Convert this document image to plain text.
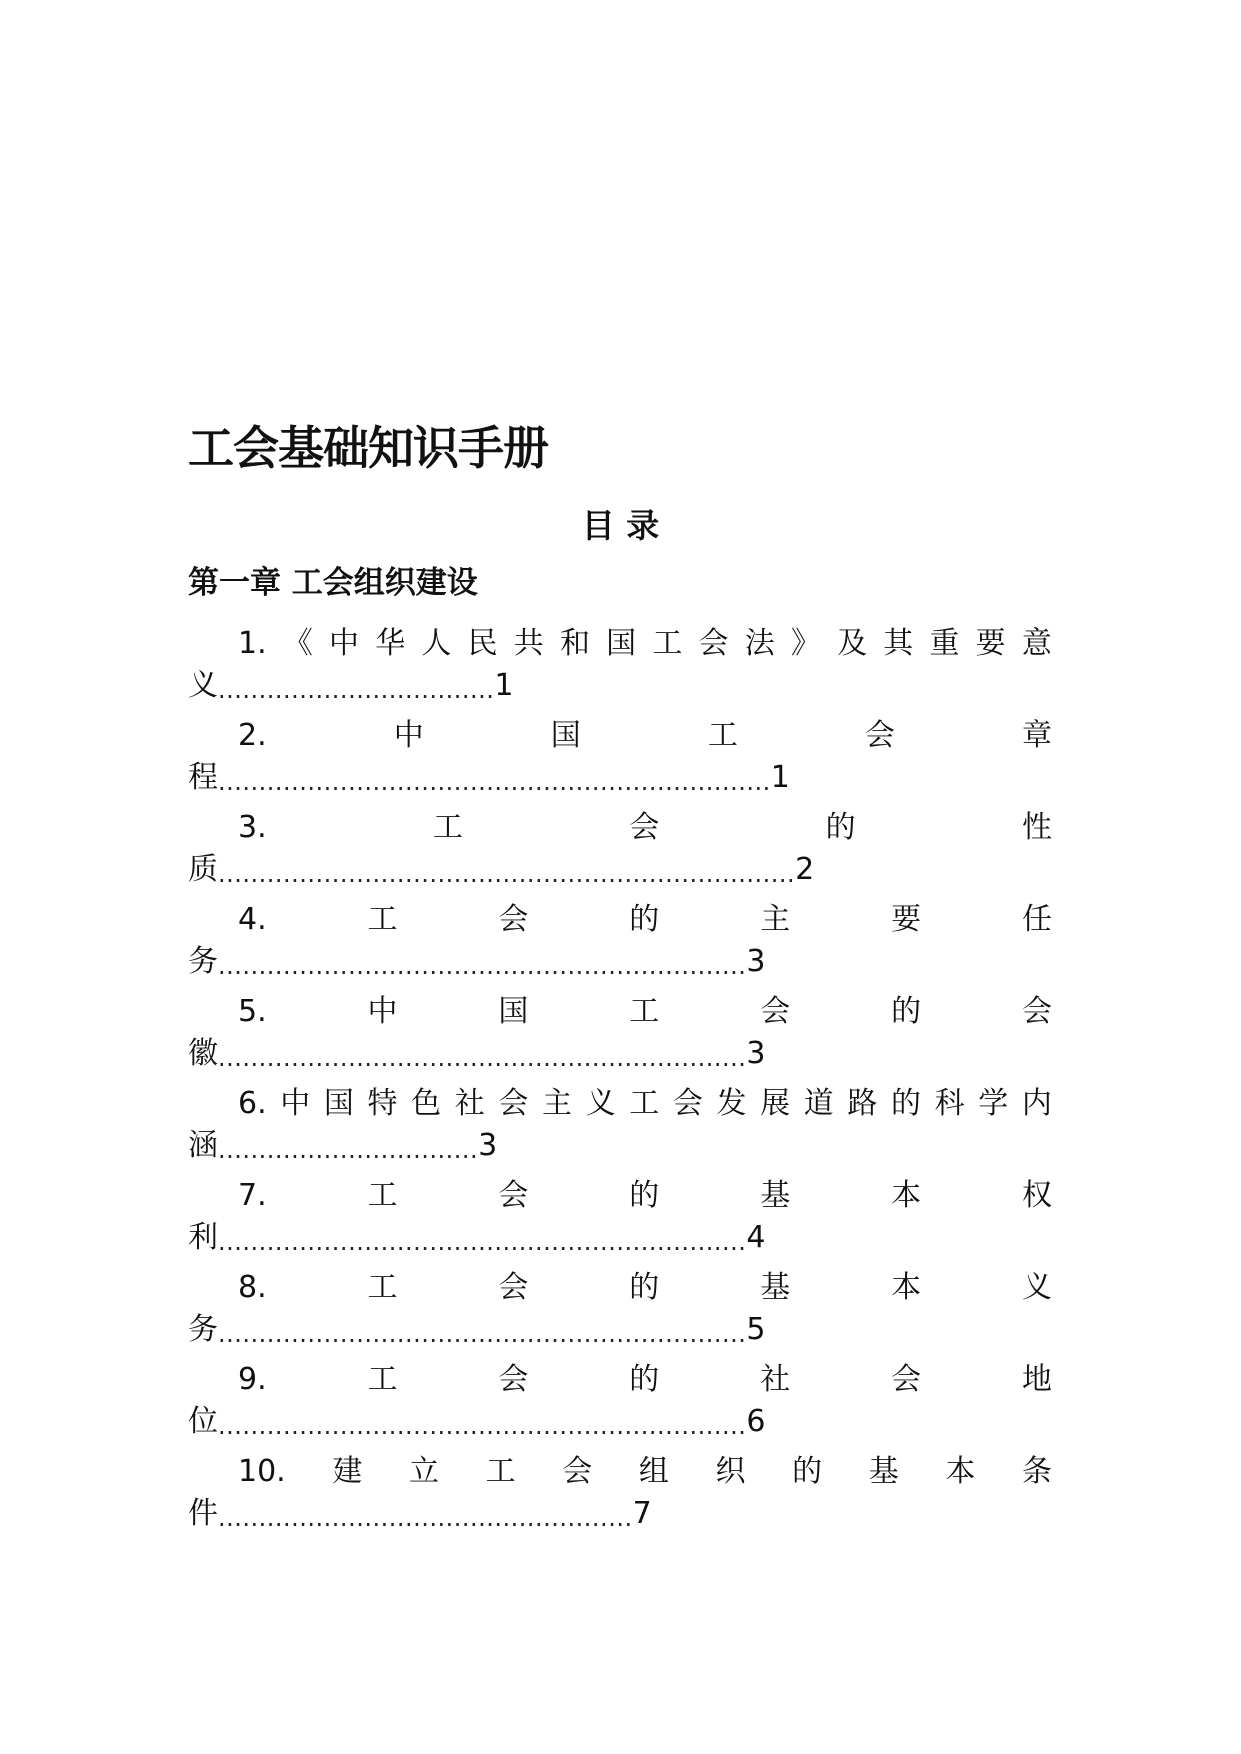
工会基础知识手册
目 录
第一章 工会组织建设
1. 《 中 华 人 民 共 和 国 工 会 法 》 及 其 重 要 意
义 .................................. 1
2.	中	国	工	会	章
程 .................................................................... 1
3.	工	会	的	性
质 ....................................................................... 2
4.	工	会	的	主	要	任
务 ................................................................. 3
5.	中	国	工	会	的	会
徽 ................................................................. 3
6. 中 国 特 色 社 会 主 义 工 会 发 展 道 路 的 科 学 内
涵 ................................ 3
7.	工	会	的	基	本	权
利 ................................................................. 4
8.	工	会	的	基	本	义
务 ................................................................. 5
9.	工	会	的	社	会	地
位 ................................................................. 6
10. 建 立 工 会 组 织 的 基 本 条
件 ................................................... 7
